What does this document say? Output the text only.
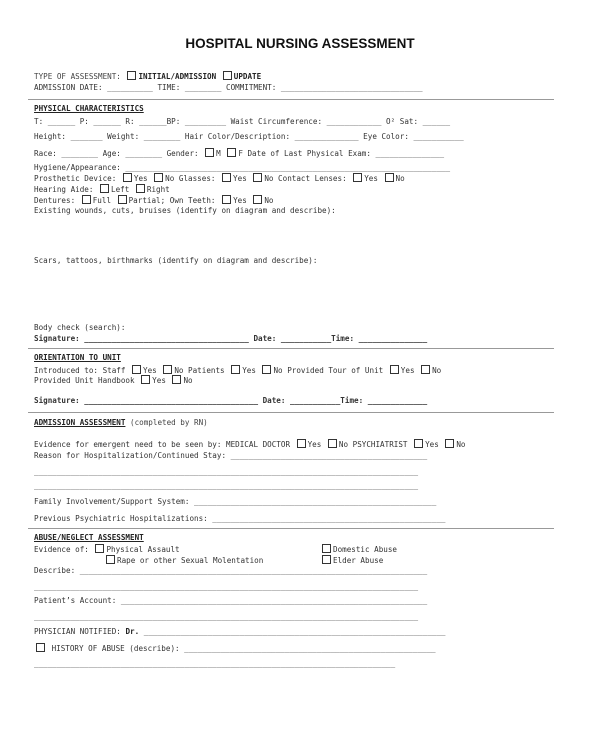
HOSPITAL NURSING ASSESSMENT
TYPE OF ASSESSMENT: INITIAL/ADMISSION UPDATE
ADMISSION DATE: __________ TIME: ________ COMMITMENT: _______________________________
PHYSICAL CHARACTERISTICS
T: ______ P: ______ R: ______BP: _________ Waist Circumference: ____________ O² Sat: ______
Height: _______ Weight: ________ Hair Color/Description: ______________ Eye Color: ___________
Race: ________ Age: ________ Gender: M F Date of Last Physical Exam: _______________
Hygiene/Appearance: _______________________________________________________________________
Prosthetic Device: Yes No Glasses: Yes No Contact Lenses: Yes No
Hearing Aide: Left Right
Dentures: Full Partial; Own Teeth: Yes No
Existing wounds, cuts, bruises (identify on diagram and describe):
Scars, tattoos, birthmarks (identify on diagram and describe):
Body check (search):
Signature: ____________________________________ Date: ___________Time: _______________
ORIENTATION TO UNIT
Introduced to: Staff Yes No Patients Yes No Provided Tour of Unit Yes No
Provided Unit Handbook Yes No
Signature: ______________________________________ Date: ___________Time: _____________
ADMISSION ASSESSMENT (completed by RN)
Evidence for emergent need to be seen by: MEDICAL DOCTOR Yes No PSYCHIATRIST Yes No
Reason for Hospitalization/Continued Stay: ___________________________________________
____________________________________________________________________________________
____________________________________________________________________________________
Family Involvement/Support System: _____________________________________________________
Previous Psychiatric Hospitalizations: ___________________________________________________
ABUSE/NEGLECT ASSESSMENT
Evidence of: Physical Assault	Domestic Abuse
Rape or other Sexual Molentation	Elder Abuse
Describe: ____________________________________________________________________________
____________________________________________________________________________________
Patient’s Account: ___________________________________________________________________
____________________________________________________________________________________
PHYSICIAN NOTIFIED: Dr. __________________________________________________________________
HISTORY OF ABUSE (describe): _______________________________________________________
_______________________________________________________________________________
